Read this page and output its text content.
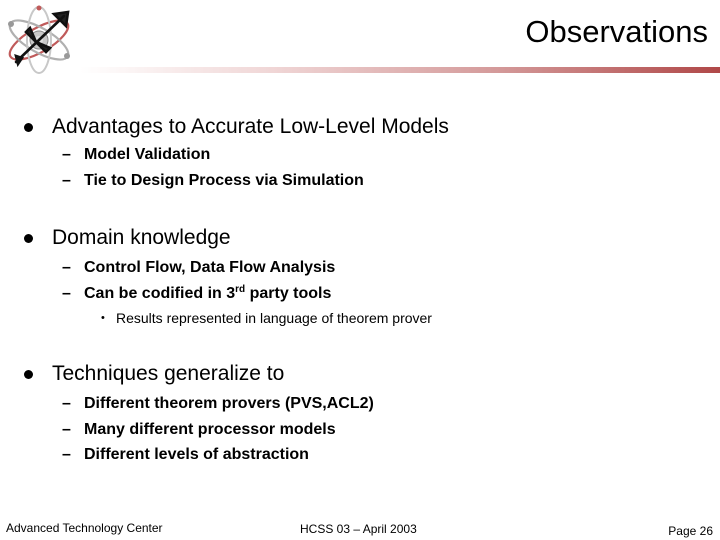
Observations
Advantages to Accurate Low-Level Models
– Model Validation
– Tie to Design Process via Simulation
Domain knowledge
– Control Flow, Data Flow Analysis
– Can be codified in 3rd party tools
• Results represented in language of theorem prover
Techniques generalize to
– Different theorem provers (PVS,ACL2)
– Many different processor models
– Different levels of abstraction
Advanced Technology Center	HCSS 03 – April 2003	Page 26
